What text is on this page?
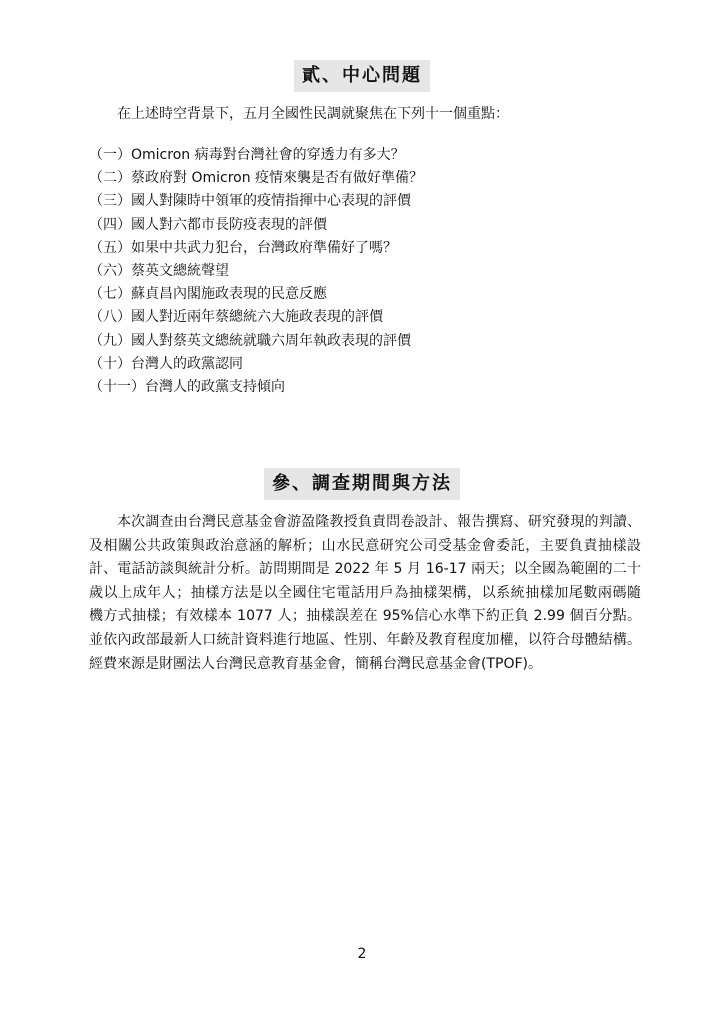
貳、中心問題
在上述時空背景下，五月全國性民調就聚焦在下列十一個重點：
（一）Omicron 病毒對台灣社會的穿透力有多大？
（二）蔡政府對 Omicron 疫情來襲是否有做好準備？
（三）國人對陳時中領軍的疫情指揮中心表現的評價
（四）國人對六都市長防疫表現的評價
（五）如果中共武力犯台，台灣政府準備好了嗎？
（六）蔡英文總統聲望
（七）蘇貞昌內閣施政表現的民意反應
（八）國人對近兩年蔡總統六大施政表現的評價
（九）國人對蔡英文總統就職六周年執政表現的評價
（十）台灣人的政黨認同
（十一）台灣人的政黨支持傾向
參、調查期間與方法
本次調查由台灣民意基金會游盈隆教授負責問卷設計、報告撰寫、研究發現的判讀、
及相關公共政策與政治意涵的解析；山水民意研究公司受基金會委託，主要負責抽樣設
計、電話訪談與統計分析。訪問期間是 2022 年 5 月 16-17 兩天；以全國為範圍的二十
歲以上成年人；抽樣方法是以全國住宅電話用戶為抽樣架構，以系統抽樣加尾數兩碼隨
機方式抽樣；有效樣本 1077 人；抽樣誤差在 95%信心水準下約正負 2.99 個百分點。
並依內政部最新人口統計資料進行地區、性別、年齡及教育程度加權，以符合母體結構。
經費來源是財團法人台灣民意教育基金會，簡稱台灣民意基金會(TPOF)。
2
